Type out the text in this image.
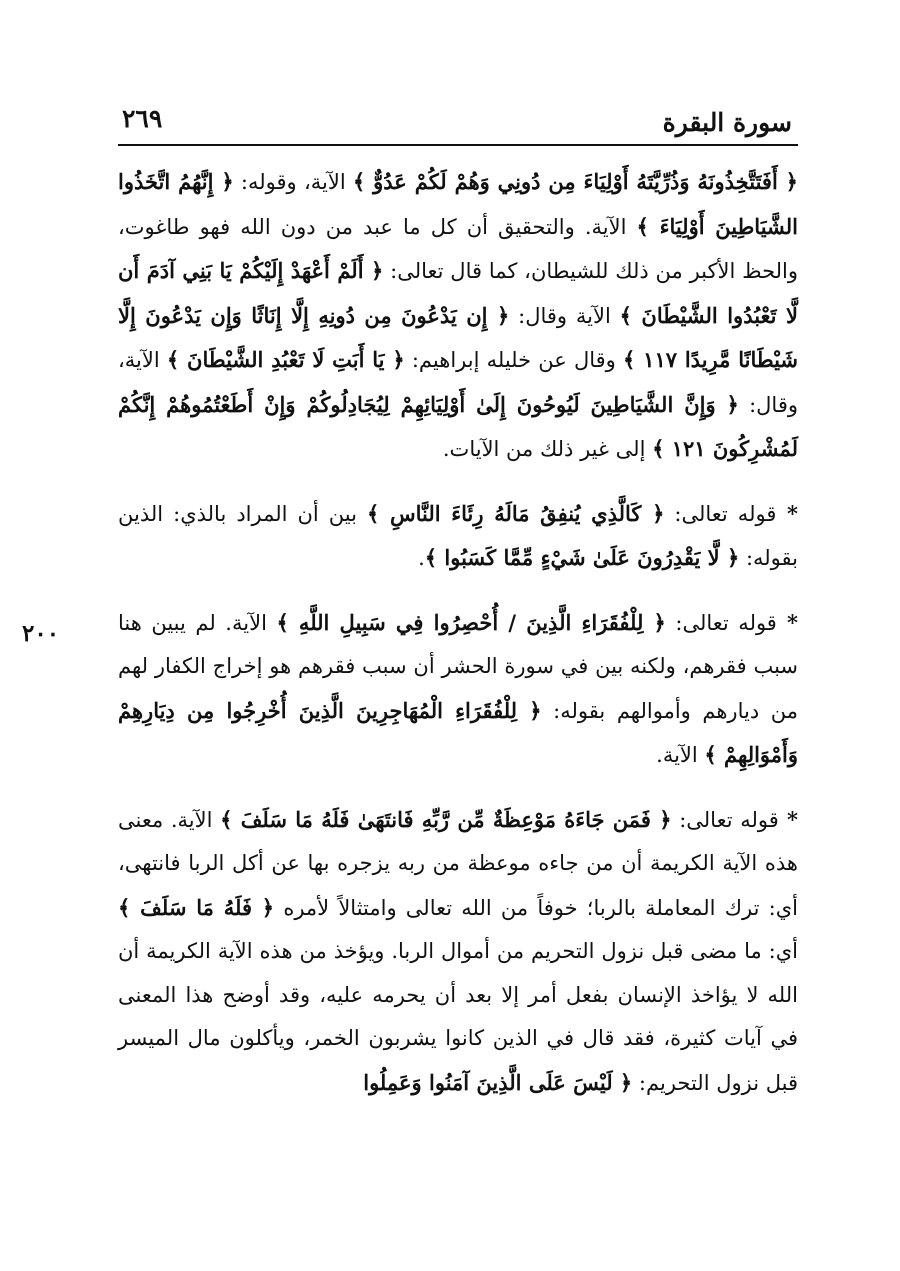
سورة البقرة
٢٦٩

﴿ أَفَتَتَّخِذُونَهُ وَذُرِّيَّتَهُ أَوْلِيَاءَ مِن دُونِي وَهُمْ لَكُمْ عَدُوٌّ ﴾ الآية، وقوله: ﴿ إِنَّهُمُ اتَّخَذُوا الشَّيَاطِينَ أَوْلِيَاءَ ﴾ الآية. والتحقيق أن كل ما عبد من دون الله فهو طاغوت، والحظ الأكبر من ذلك للشيطان، كما قال تعالى: ﴿ أَلَمْ أَعْهَدْ إِلَيْكُمْ يَا بَنِي آدَمَ أَن لَّا تَعْبُدُوا الشَّيْطَانَ ﴾ الآية وقال: ﴿ إِن يَدْعُونَ مِن دُونِهِ إِلَّا إِنَاثًا وَإِن يَدْعُونَ إِلَّا شَيْطَانًا مَّرِيدًا ١١٧ ﴾ وقال عن خليله إبراهيم: ﴿ يَا أَبَتِ لَا تَعْبُدِ الشَّيْطَانَ ﴾ الآية، وقال: ﴿ وَإِنَّ الشَّيَاطِينَ لَيُوحُونَ إِلَىٰ أَوْلِيَائِهِمْ لِيُجَادِلُوكُمْ وَإِنْ أَطَعْتُمُوهُمْ إِنَّكُمْ لَمُشْرِكُونَ ١٢١ ﴾ إلى غير ذلك من الآيات.

* قوله تعالى: ﴿ كَالَّذِي يُنفِقُ مَالَهُ رِئَاءَ النَّاسِ ﴾ بين أن المراد بالذي: الذين بقوله: ﴿ لَّا يَقْدِرُونَ عَلَىٰ شَيْءٍ مِّمَّا كَسَبُوا ﴾.

* قوله تعالى: ﴿ لِلْفُقَرَاءِ الَّذِينَ / أُحْصِرُوا فِي سَبِيلِ اللَّهِ ﴾ الآية. لم يبين هنا سبب فقرهم، ولكنه بين في سورة الحشر أن سبب فقرهم هو إخراج الكفار لهم من ديارهم وأموالهم بقوله: ﴿ لِلْفُقَرَاءِ الْمُهَاجِرِينَ الَّذِينَ أُخْرِجُوا مِن دِيَارِهِمْ وَأَمْوَالِهِمْ ﴾ الآية.

* قوله تعالى: ﴿ فَمَن جَاءَهُ مَوْعِظَةٌ مِّن رَّبِّهِ فَانتَهَىٰ فَلَهُ مَا سَلَفَ ﴾ الآية. معنى هذه الآية الكريمة أن من جاءه موعظة من ربه يزجره بها عن أكل الربا فانتهى، أي: ترك المعاملة بالربا؛ خوفاً من الله تعالى وامتثالاً لأمره ﴿ فَلَهُ مَا سَلَفَ ﴾ أي: ما مضى قبل نزول التحريم من أموال الربا. ويؤخذ من هذه الآية الكريمة أن الله لا يؤاخذ الإنسان بفعل أمر إلا بعد أن يحرمه عليه، وقد أوضح هذا المعنى في آيات كثيرة، فقد قال في الذين كانوا يشربون الخمر، ويأكلون مال الميسر قبل نزول التحريم: ﴿ لَيْسَ عَلَى الَّذِينَ آمَنُوا وَعَمِلُوا

٢٠٠
